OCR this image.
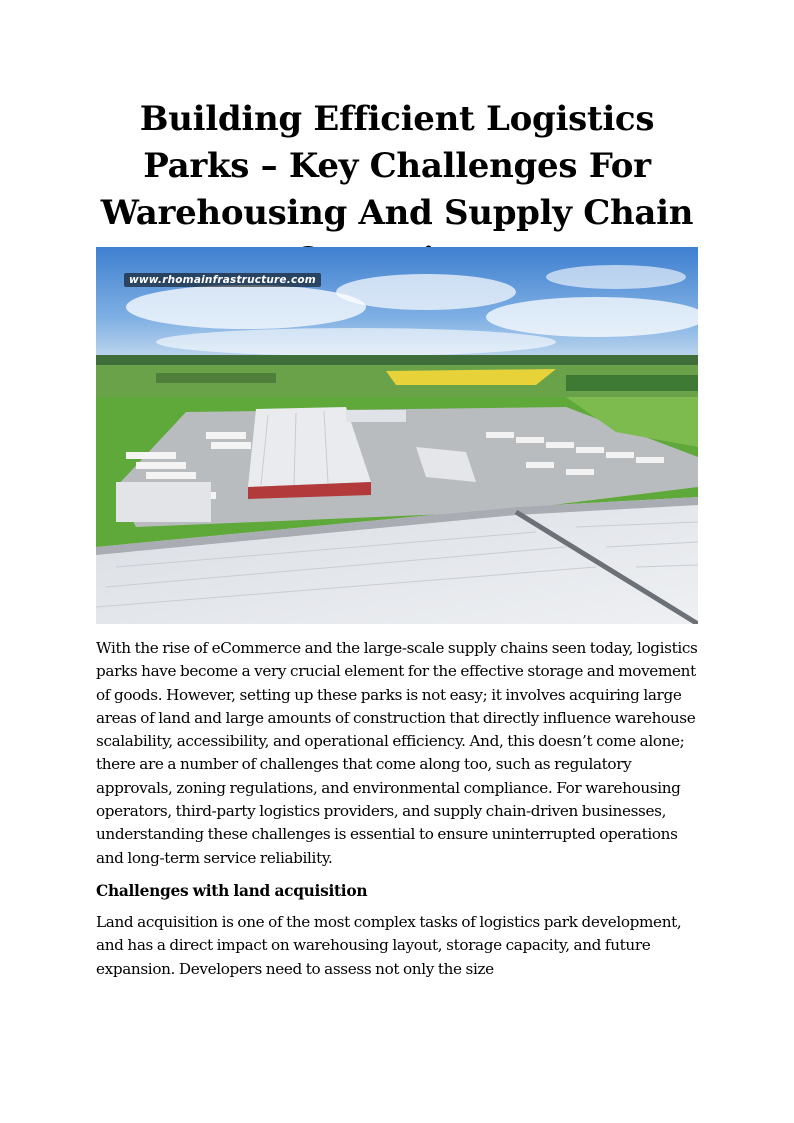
Building Efficient Logistics Parks – Key Challenges For Warehousing And Supply Chain
www.rhomainfrastructure.com

With the rise of eCommerce and the large-scale supply chains seen today, logistics parks have become a very crucial element for the effective storage and movement of goods. However, setting up these parks is not easy; it involves acquiring large areas of land and large amounts of construction that directly influence warehouse scalability, accessibility, and operational efficiency. And, this doesn’t come alone; there are a number of challenges that come along too, such as regulatory approvals, zoning regulations, and environmental compliance. For warehousing operators, third-party logistics providers, and supply chain-driven businesses, understanding these challenges is essential to ensure uninterrupted operations and long-term service reliability.

Challenges with land acquisition

Land acquisition is one of the most complex tasks of logistics park development, and has a direct impact on warehousing layout, storage capacity, and future expansion. Developers need to assess not only the size
